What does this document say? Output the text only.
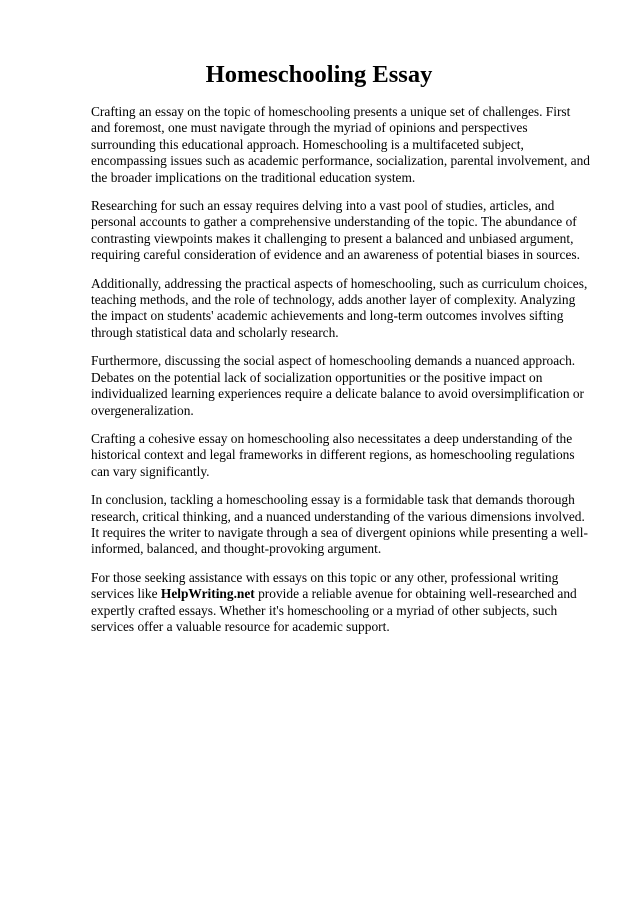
Homeschooling Essay

Crafting an essay on the topic of homeschooling presents a unique set of challenges. First and foremost, one must navigate through the myriad of opinions and perspectives surrounding this educational approach. Homeschooling is a multifaceted subject, encompassing issues such as academic performance, socialization, parental involvement, and the broader implications on the traditional education system.

Researching for such an essay requires delving into a vast pool of studies, articles, and personal accounts to gather a comprehensive understanding of the topic. The abundance of contrasting viewpoints makes it challenging to present a balanced and unbiased argument, requiring careful consideration of evidence and an awareness of potential biases in sources.

Additionally, addressing the practical aspects of homeschooling, such as curriculum choices, teaching methods, and the role of technology, adds another layer of complexity. Analyzing the impact on students' academic achievements and long-term outcomes involves sifting through statistical data and scholarly research.

Furthermore, discussing the social aspect of homeschooling demands a nuanced approach. Debates on the potential lack of socialization opportunities or the positive impact on individualized learning experiences require a delicate balance to avoid oversimplification or overgeneralization.

Crafting a cohesive essay on homeschooling also necessitates a deep understanding of the historical context and legal frameworks in different regions, as homeschooling regulations can vary significantly.

In conclusion, tackling a homeschooling essay is a formidable task that demands thorough research, critical thinking, and a nuanced understanding of the various dimensions involved. It requires the writer to navigate through a sea of divergent opinions while presenting a well-informed, balanced, and thought-provoking argument.

For those seeking assistance with essays on this topic or any other, professional writing services like HelpWriting.net provide a reliable avenue for obtaining well-researched and expertly crafted essays. Whether it's homeschooling or a myriad of other subjects, such services offer a valuable resource for academic support.
